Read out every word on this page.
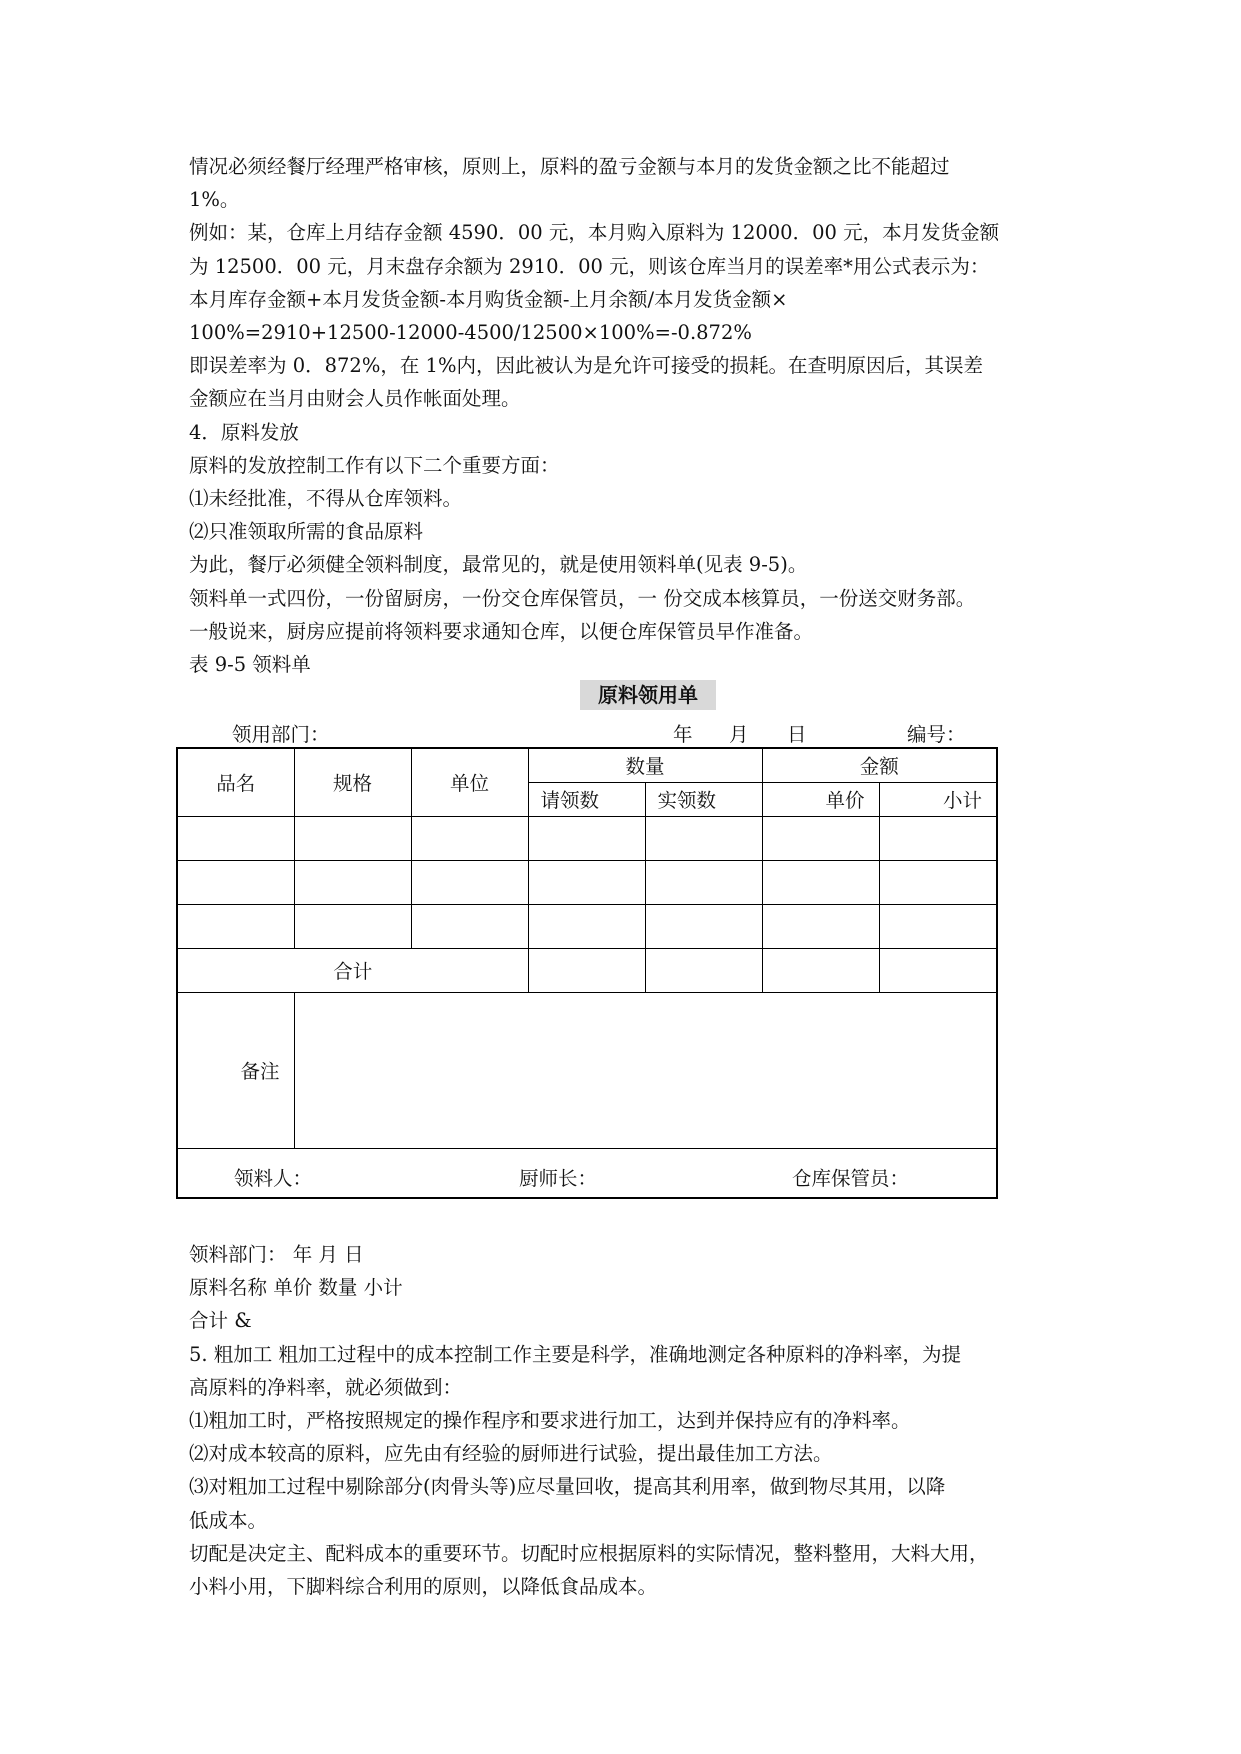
情况必须经餐厅经理严格审核，原则上，原料的盈亏金额与本月的发货金额之比不能超过

1%。

例如：某，仓库上月结存金额 4590．00 元，本月购入原料为 12000．00 元，本月发货金额

为 12500．00 元，月末盘存余额为 2910．00 元，则该仓库当月的误差率*用公式表示为：

本月库存金额+本月发货金额-本月购货金额-上月余额/本月发货金额×

100%=2910+12500-12000-4500/12500×100%=-0.872%

即误差率为 0．872%，在 1%内，因此被认为是允许可接受的损耗。在查明原因后，其误差

金额应在当月由财会人员作帐面处理。

4．原料发放

原料的发放控制工作有以下二个重要方面：

⑴未经批准，不得从仓库领料。

⑵只准领取所需的食品原料

为此，餐厅必须健全领料制度，最常见的，就是使用领料单(见表 9-5)。

领料单一式四份，一份留厨房，一份交仓库保管员，一 份交成本核算员，一份送交财务部。

一般说来，厨房应提前将领料要求通知仓库，以便仓库保管员早作准备。

表 9-5 领料单

原料领用单
领用部门：	年 月 日	编号：
品名	规格	单位	数量		金额	
			请领数	实领数	单价	小计

合计						
备注						

领料人： 厨师长： 仓库保管员：						

领料部门： 年 月 日

原料名称 单价 数量 小计

合计 &

5. 粗加工 粗加工过程中的成本控制工作主要是科学，准确地测定各种原料的净料率，为提

高原料的净料率，就必须做到：

⑴粗加工时，严格按照规定的操作程序和要求进行加工，达到并保持应有的净料率。

⑵对成本较高的原料，应先由有经验的厨师进行试验，提出最佳加工方法。

⑶对粗加工过程中剔除部分(肉骨头等)应尽量回收，提高其利用率，做到物尽其用，以降

低成本。

切配是决定主、配料成本的重要环节。切配时应根据原料的实际情况，整料整用，大料大用，

小料小用，下脚料综合利用的原则，以降低食品成本。
